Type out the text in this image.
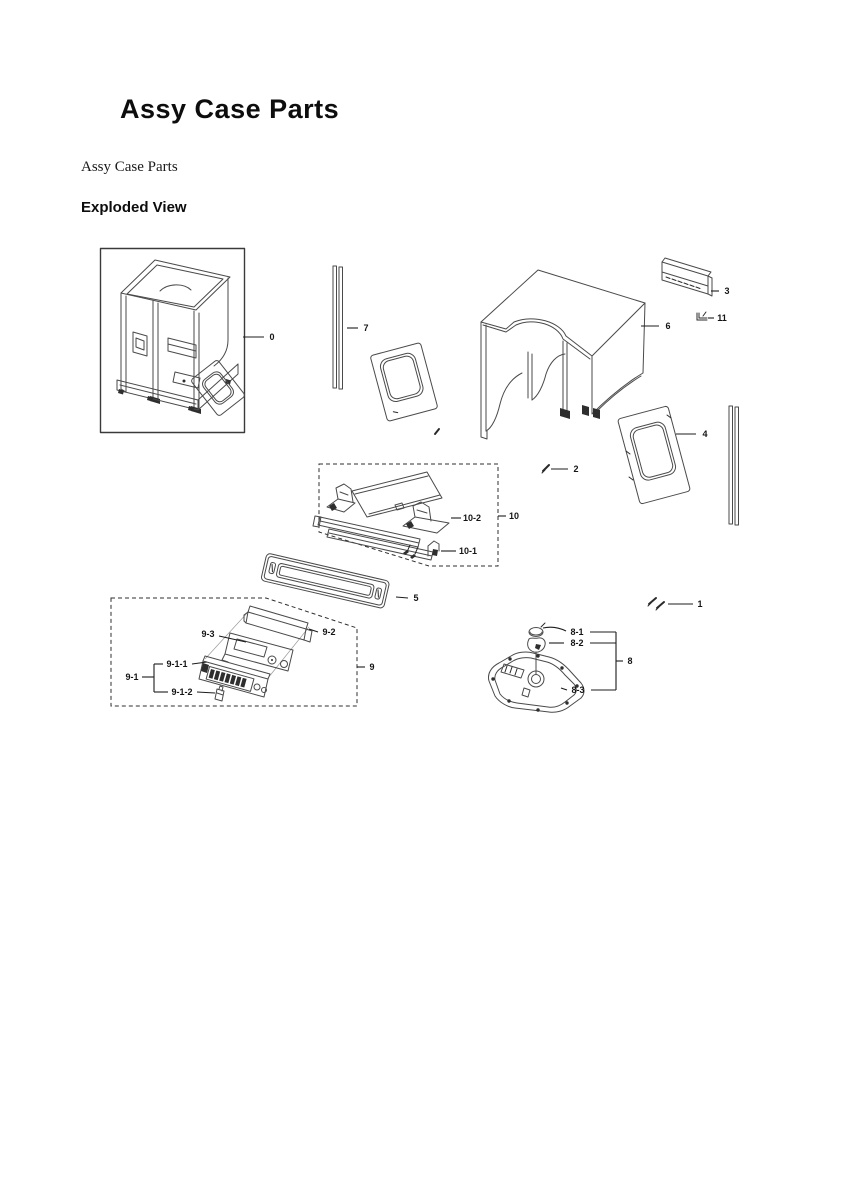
Assy Case Parts
Assy Case Parts
Exploded View
0
7	6
3
11
4
2
10
10-2
10-1
5
9
9-2
9-3
9-1
9-1-1
9-1-2
8-1
8-2
8-3
8
1
